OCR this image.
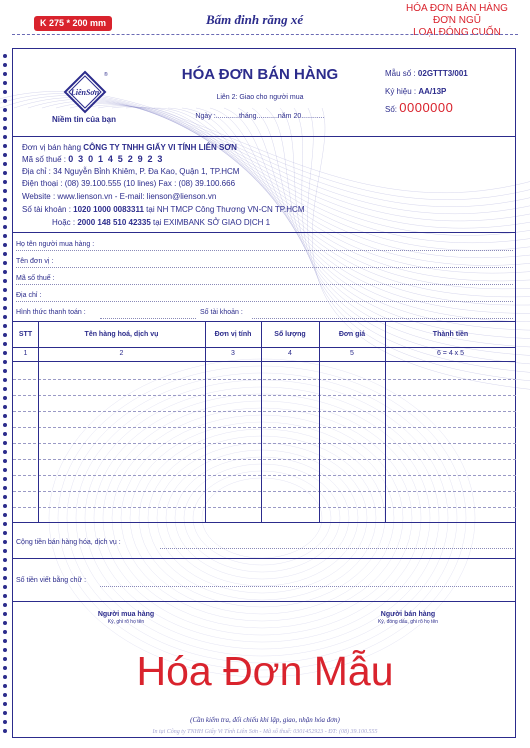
K 275 * 200 mm	Bấm đinh răng xé
HÓA ĐƠN BÁN HÀNG
ĐƠN NGŨ
LOẠI ĐÓNG CUỐN
LiênSơn
®
Niềm tin của bạn
HÓA ĐƠN BÁN HÀNG
Liên 2: Giao cho người mua
Ngày :............tháng...........năm 20............
Mẫu số : 02GTTT3/001
Ký hiệu : AA/13P
Số: 0000000
Đơn vị bán hàng CÔNG TY TNHH GIẤY VI TÍNH LIÊN SƠN
Mã số thuế : 0 3 0 1 4 5 2 9 2 3
Địa chỉ : 34 Nguyễn Bỉnh Khiêm, P. Đa Kao, Quận 1, TP.HCM
Điện thoại : (08) 39.100.555 (10 lines) Fax : (08) 39.100.666
Website : www.lienson.vn - E-mail: lienson@lienson.vn
Số tài khoản : 1020 1000 0083311 tại NH TMCP Công Thương VN-CN TP.HCM
Hoặc : 2000 148 510 42335 tại EXIMBANK SỞ GIAO DỊCH 1
Họ tên người mua hàng :
Tên đơn vị :
Mã số thuế :
Địa chỉ :
Hình thức thanh toán :	Số tài khoản :
STT	Tên hàng hoá, dịch vụ	Đơn vị tính	Số lượng	Đơn giá	Thành tiền
1	2	3	4	5	6 = 4 x 5
Cộng tiền bán hàng hóa, dịch vụ :
Số tiền viết bằng chữ :
Người mua hàng
Ký, ghi rõ họ tên
Người bán hàng
Ký, đóng dấu, ghi rõ họ tên
Hóa Đơn Mẫu
(Cần kiểm tra, đối chiếu khi lập, giao, nhận hóa đơn)
In tại Công ty TNHH Giấy Vi Tính Liên Sơn - Mã số thuế: 0301452923 - ĐT: (08) 39.100.555
